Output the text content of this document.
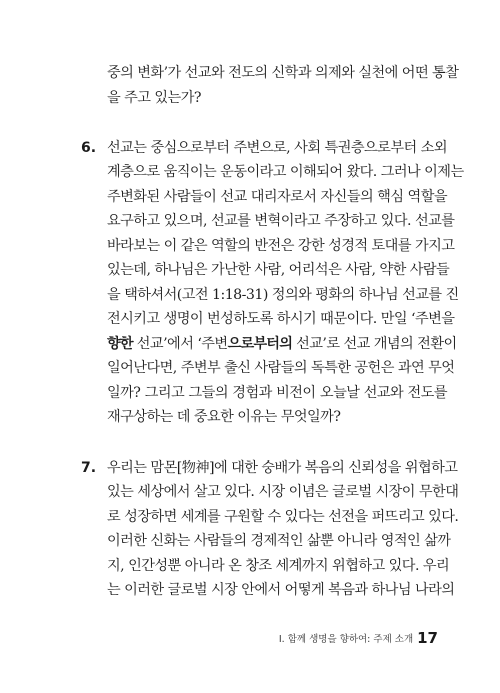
중의 변화’가 선교와 전도의 신학과 의제와 실천에 어떤 통찰
을 주고 있는가?
6. 선교는 중심으로부터 주변으로, 사회 특권층으로부터 소외
계층으로 움직이는 운동이라고 이해되어 왔다. 그러나 이제는
주변화된 사람들이 선교 대리자로서 자신들의 핵심 역할을
요구하고 있으며, 선교를 변혁이라고 주장하고 있다. 선교를
바라보는 이 같은 역할의 반전은 강한 성경적 토대를 가지고
있는데, 하나님은 가난한 사람, 어리석은 사람, 약한 사람들
을 택하셔서(고전 1:18-31) 정의와 평화의 하나님 선교를 진
전시키고 생명이 번성하도록 하시기 때문이다. 만일 ‘주변을
향한 선교’에서 ‘주변으로부터의 선교’로 선교 개념의 전환이
일어난다면, 주변부 출신 사람들의 독특한 공헌은 과연 무엇
일까? 그리고 그들의 경험과 비전이 오늘날 선교와 전도를
재구상하는 데 중요한 이유는 무엇일까?
7. 우리는 맘몬[物神]에 대한 숭배가 복음의 신뢰성을 위협하고
있는 세상에서 살고 있다. 시장 이념은 글로벌 시장이 무한대
로 성장하면 세계를 구원할 수 있다는 선전을 퍼뜨리고 있다.
이러한 신화는 사람들의 경제적인 삶뿐 아니라 영적인 삶까
지, 인간성뿐 아니라 온 창조 세계까지 위협하고 있다. 우리
는 이러한 글로벌 시장 안에서 어떻게 복음과 하나님 나라의
I. 함께 생명을 향하여: 주제 소개 17
